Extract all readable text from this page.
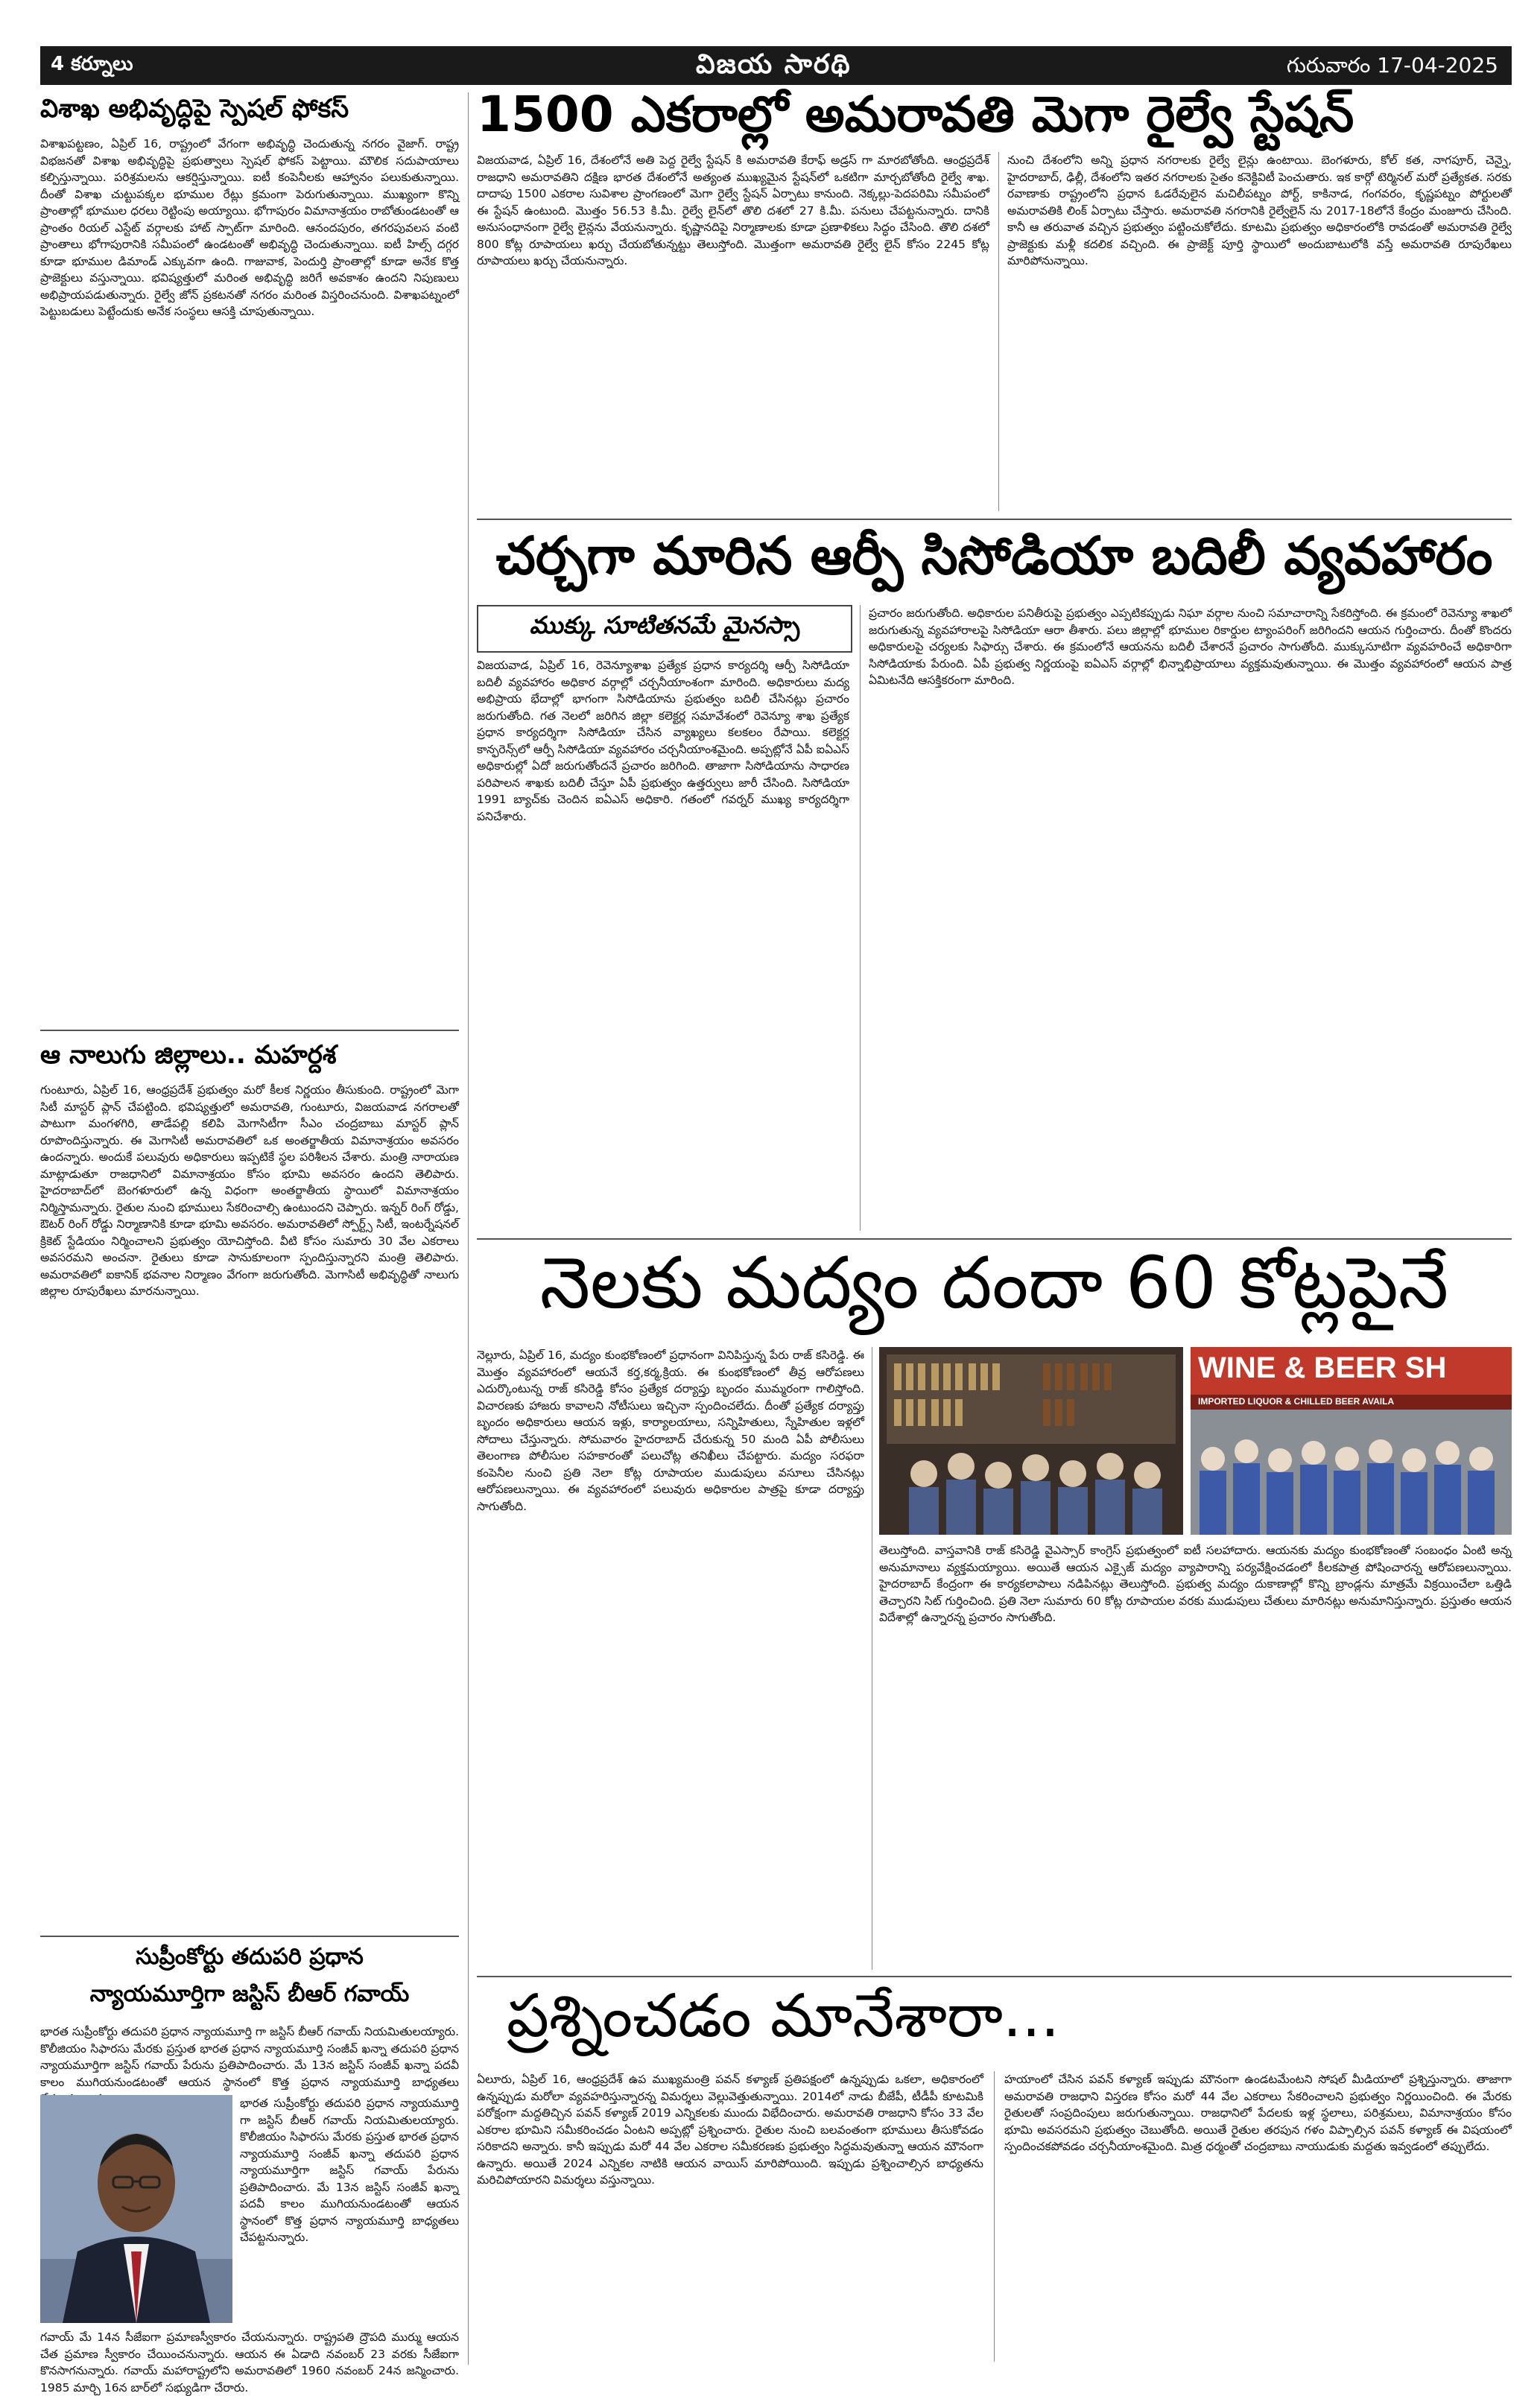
4 కర్నూలు	విజయ సారథి	గురువారం 17-04-2025
విశాఖ అభివృద్ధిపై స్పెషల్ ఫోకస్
విశాఖపట్టణం, ఏప్రిల్ 16, రాష్ట్రంలో వేగంగా అభివృద్ధి చెందుతున్న నగరం వైజాగ్. రాష్ట్ర విభజనతో విశాఖ అభివృద్ధిపై ప్రభుత్వాలు స్పెషల్ ఫోకస్ పెట్టాయి. మౌలిక సదుపాయాలు కల్పిస్తున్నాయి. పరిశ్రమలను ఆకర్షిస్తున్నాయి. ఐటీ కంపెనీలకు ఆహ్వానం పలుకుతున్నాయి. దీంతో విశాఖ చుట్టుపక్కల భూముల రేట్లు క్రమంగా పెరుగుతున్నాయి. ముఖ్యంగా కొన్ని ప్రాంతాల్లో భూముల ధరలు రెట్టింపు అయ్యాయి. భోగాపురం విమానాశ్రయం రాబోతుండటంతో ఆ ప్రాంతం రియల్ ఎస్టేట్ వర్గాలకు హాట్ స్పాట్‌గా మారింది. ఆనందపురం, తగరపువలస వంటి ప్రాంతాలు భోగాపురానికి సమీపంలో ఉండటంతో అభివృద్ధి చెందుతున్నాయి. ఐటీ హిల్స్ దగ్గర కూడా భూముల డిమాండ్ ఎక్కువగా ఉంది. గాజువాక, పెందుర్తి ప్రాంతాల్లో కూడా అనేక కొత్త ప్రాజెక్టులు వస్తున్నాయి. భవిష్యత్తులో మరింత అభివృద్ధి జరిగే అవకాశం ఉందని నిపుణులు అభిప్రాయపడుతున్నారు. రైల్వే జోన్ ప్రకటనతో నగరం మరింత విస్తరించనుంది. విశాఖపట్నంలో పెట్టుబడులు పెట్టేందుకు అనేక సంస్థలు ఆసక్తి చూపుతున్నాయి.
ఆ నాలుగు జిల్లాలు.. మహర్దశ
గుంటూరు, ఏప్రిల్ 16, ఆంధ్రప్రదేశ్ ప్రభుత్వం మరో కీలక నిర్ణయం తీసుకుంది. రాష్ట్రంలో మెగా సిటీ మాస్టర్ ప్లాన్ చేపట్టింది. భవిష్యత్తులో అమరావతి, గుంటూరు, విజయవాడ నగరాలతో పాటుగా మంగళగిరి, తాడేపల్లి కలిపి మెగాసిటీగా సీఎం చంద్రబాబు మాస్టర్ ప్లాన్ రూపొందిస్తున్నారు. ఈ మెగాసిటీ అమరావతిలో ఒక అంతర్జాతీయ విమానాశ్రయం అవసరం ఉందన్నారు. అందుకే పలువురు అధికారులు ఇప్పటికే స్థల పరిశీలన చేశారు. మంత్రి నారాయణ మాట్లాడుతూ రాజధానిలో విమానాశ్రయం కోసం భూమి అవసరం ఉందని తెలిపారు. హైదరాబాద్‌లో బెంగళూరులో ఉన్న విధంగా అంతర్జాతీయ స్థాయిలో విమానాశ్రయం నిర్మిస్తామన్నారు. రైతుల నుంచి భూములు సేకరించాల్సి ఉంటుందని చెప్పారు. ఇన్నర్ రింగ్ రోడ్డు, ఔటర్ రింగ్ రోడ్డు నిర్మాణానికి కూడా భూమి అవసరం. అమరావతిలో స్పోర్ట్స్ సిటీ, ఇంటర్నేషనల్ క్రికెట్ స్టేడియం నిర్మించాలని ప్రభుత్వం యోచిస్తోంది. వీటి కోసం సుమారు 30 వేల ఎకరాలు అవసరమని అంచనా. రైతులు కూడా సానుకూలంగా స్పందిస్తున్నారని మంత్రి తెలిపారు. అమరావతిలో ఐకానిక్ భవనాల నిర్మాణం వేగంగా జరుగుతోంది. మెగాసిటీ అభివృద్ధితో నాలుగు జిల్లాల రూపురేఖలు మారనున్నాయి.
సుప్రీంకోర్టు తదుపరి ప్రధాన
న్యాయమూర్తిగా జస్టిస్ బీఆర్ గవాయ్
భారత సుప్రీంకోర్టు తదుపరి ప్రధాన న్యాయమూర్తి గా జస్టిస్ బీఆర్ గవాయ్ నియమితులయ్యారు. కొలీజియం సిఫారసు మేరకు ప్రస్తుత భారత ప్రధాన న్యాయమూర్తి సంజీవ్ ఖన్నా తదుపరి ప్రధాన న్యాయమూర్తిగా జస్టిస్ గవాయ్ పేరును ప్రతిపాదించారు. మే 13న జస్టిస్ సంజీవ్ ఖన్నా పదవీ కాలం ముగియనుండటంతో ఆయన స్థానంలో కొత్త ప్రధాన న్యాయమూర్తి బాధ్యతలు
భారత సుప్రీంకోర్టు తదుపరి ప్రధాన న్యాయమూర్తి గా జస్టిస్ బీఆర్ గవాయ్ నియమితులయ్యారు. కొలీజియం సిఫారసు మేరకు ప్రస్తుత భారత ప్రధాన న్యాయమూర్తి సంజీవ్ ఖన్నా తదుపరి ప్రధాన న్యాయమూర్తిగా జస్టిస్ గవాయ్ పేరును ప్రతిపాదించారు. మే 13న జస్టిస్ సంజీవ్ ఖన్నా పదవీ కాలం ముగియనుండటంతో ఆయన స్థానంలో కొత్త ప్రధాన న్యాయమూర్తి బాధ్యతలు చేపట్టనున్నారు.
గవాయ్ మే 14న సీజేఐగా ప్రమాణస్వీకారం చేయనున్నారు. రాష్ట్రపతి ద్రౌపది ముర్ము ఆయన చేత ప్రమాణ స్వీకారం చేయించనున్నారు. ఆయన ఈ ఏడాది నవంబర్ 23 వరకు సీజేఐగా కొనసాగనున్నారు. గవాయ్ మహారాష్ట్రలోని అమరావతిలో 1960 నవంబర్ 24న జన్మించారు. 1985 మార్చి 16న బార్‌లో సభ్యుడిగా చేరారు.
1500 ఎకరాల్లో అమరావతి మెగా రైల్వే స్టేషన్
విజయవాడ, ఏప్రిల్ 16, దేశంలోనే అతి పెద్ద రైల్వే స్టేషన్ కి అమరావతి కేరాఫ్ అడ్రస్ గా మారబోతోంది. ఆంధ్రప్రదేశ్ రాజధాని అమరావతిని దక్షిణ భారత దేశంలోనే అత్యంత ముఖ్యమైన స్టేషన్‌లో ఒకటిగా మార్చబోతోంది రైల్వే శాఖ. దాదాపు 1500 ఎకరాల సువిశాల ప్రాంగణంలో మెగా రైల్వే స్టేషన్ ఏర్పాటు కానుంది. నెక్కల్లు-పెదపరిమి సమీపంలో ఈ స్టేషన్ ఉంటుంది. మొత్తం 56.53 కి.మీ. రైల్వే లైన్‌లో తొలి దశలో 27 కి.మీ. పనులు చేపట్టనున్నారు. దానికి అనుసంధానంగా రైల్వే లైన్లను వేయనున్నారు. కృష్ణానదిపై నిర్మాణాలకు కూడా ప్రణాళికలు సిద్ధం చేసింది. తొలి దశలో 800 కోట్ల రూపాయలు ఖర్చు చేయబోతున్నట్టు తెలుస్తోంది. మొత్తంగా అమరావతి రైల్వే లైన్ కోసం 2245 కోట్ల రూపాయలు ఖర్చు చేయనున్నారు.
నుంచి దేశంలోని అన్ని ప్రధాన నగరాలకు రైల్వే లైన్లు ఉంటాయి. బెంగళూరు, కోల్ కత, నాగపూర్, చెన్నై, హైదరాబాద్, ఢిల్లీ, దేశంలోని ఇతర నగరాలకు సైతం కనెక్టివిటీ పెంచుతారు. ఇక కార్గో టెర్మినల్ మరో ప్రత్యేకత. సరకు రవాణాకు రాష్ట్రంలోని ప్రధాన ఓడరేవులైన మచిలీపట్నం పోర్ట్, కాకినాడ, గంగవరం, కృష్ణపట్నం పోర్టులతో అమరావతికి లింక్ ఏర్పాటు చేస్తారు. అమరావతి నగరానికి రైల్వేలైన్ ను 2017-18లోనే కేంద్రం మంజూరు చేసింది. కానీ ఆ తరువాత వచ్చిన ప్రభుత్వం పట్టించుకోలేదు. కూటమి ప్రభుత్వం అధికారంలోకి రావడంతో అమరావతి రైల్వే ప్రాజెక్టుకు మళ్లీ కదలిక వచ్చింది. ఈ ప్రాజెక్ట్ పూర్తి స్థాయిలో అందుబాటులోకి వస్తే అమరావతి రూపురేఖలు మారిపోనున్నాయి.
చర్చగా మారిన ఆర్పీ సిసోడియా బదిలీ వ్యవహారం
ముక్కు సూటితనమే మైనస్సా
విజయవాడ, ఏప్రిల్ 16, రెవెన్యూశాఖ ప్రత్యేక ప్రధాన కార్యదర్శి ఆర్పీ సిసోడియా బదిలీ వ్యవహారం అధికార వర్గాల్లో చర్చనీయాంశంగా మారింది. అధికారులు మద్య అభిప్రాయ భేదాల్లో భాగంగా సిసోడియాను ప్రభుత్వం బదిలీ చేసినట్లు ప్రచారం జరుగుతోంది. గత నెలలో జరిగిన జిల్లా కలెక్టర్ల సమావేశంలో రెవెన్యూ శాఖ ప్రత్యేక ప్రధాన కార్యదర్శిగా సిసోడియా చేసిన వ్యాఖ్యలు కలకలం రేపాయి. కలెక్టర్ల కాన్ఫరెన్స్‌లో ఆర్పీ సిసోడియా వ్యవహారం చర్చనీయాంశమైంది. అప్పట్లోనే ఏపీ ఐఏఎస్ అధికారుల్లో ఏదో జరుగుతోందనే ప్రచారం జరిగింది. తాజాగా సిసోడియాను సాధారణ పరిపాలన శాఖకు బదిలీ చేస్తూ ఏపీ ప్రభుత్వం ఉత్తర్వులు జారీ చేసింది. సిసోడియా 1991 బ్యాచ్‌కు చెందిన ఐఏఎస్ అధికారి. గతంలో గవర్నర్ ముఖ్య కార్యదర్శిగా పనిచేశారు.
ప్రచారం జరుగుతోంది. అధికారుల పనితీరుపై ప్రభుత్వం ఎప్పటికప్పుడు నిఘా వర్గాల నుంచి సమాచారాన్ని సేకరిస్తోంది. ఈ క్రమంలో రెవెన్యూ శాఖలో జరుగుతున్న వ్యవహారాలపై సిసోడియా ఆరా తీశారు. పలు జిల్లాల్లో భూముల రికార్డుల ట్యాంపరింగ్ జరిగిందని ఆయన గుర్తించారు. దీంతో కొందరు అధికారులపై చర్యలకు సిఫార్సు చేశారు. ఈ క్రమంలోనే ఆయనను బదిలీ చేశారనే ప్రచారం సాగుతోంది. ముక్కుసూటిగా వ్యవహరించే అధికారిగా సిసోడియాకు పేరుంది. ఏపీ ప్రభుత్వ నిర్ణయంపై ఐఏఎస్ వర్గాల్లో భిన్నాభిప్రాయాలు వ్యక్తమవుతున్నాయి. ఈ మొత్తం వ్యవహారంలో ఆయన పాత్ర ఏమిటనేది ఆసక్తికరంగా మారింది.
నెలకు మద్యం దందా 60 కోట్లపైనే
నెల్లూరు, ఏప్రిల్ 16, మద్యం కుంభకోణంలో ప్రధానంగా వినిపిస్తున్న పేరు రాజ్ కసిరెడ్డి. ఈ మొత్తం వ్యవహారంలో ఆయనే కర్త,కర్మ,క్రియ. ఈ కుంభకోణంలో తీవ్ర ఆరోపణలు ఎదుర్కొంటున్న రాజ్ కసిరెడ్డి కోసం ప్రత్యేక దర్యాప్తు బృందం ముమ్మరంగా గాలిస్తోంది. విచారణకు హాజరు కావాలని నోటీసులు ఇచ్చినా స్పందించలేదు. దీంతో ప్రత్యేక దర్యాప్తు బృందం అధికారులు ఆయన ఇళ్లు, కార్యాలయాలు, సన్నిహితులు, స్నేహితుల ఇళ్లలో సోదాలు చేస్తున్నారు. సోమవారం హైదరాబాద్ చేరుకున్న 50 మంది ఏపీ పోలీసులు తెలంగాణ పోలీసుల సహకారంతో పలుచోట్ల తనిఖీలు చేపట్టారు. మద్యం సరఫరా కంపెనీల నుంచి ప్రతి నెలా కోట్ల రూపాయల ముడుపులు వసూలు చేసినట్లు ఆరోపణలున్నాయి. ఈ వ్యవహారంలో పలువురు అధికారుల పాత్రపై కూడా దర్యాప్తు సాగుతోంది.
WINE & BEER SH
IMPORTED LIQUOR & CHILLED BEER AVAILA
తెలుస్తోంది. వాస్తవానికి రాజ్ కసిరెడ్డి వైఎస్సార్ కాంగ్రెస్ ప్రభుత్వంలో ఐటీ సలహాదారు. ఆయనకు మద్యం కుంభకోణంతో సంబంధం ఏంటి అన్న అనుమానాలు వ్యక్తమయ్యాయి. అయితే ఆయన ఎక్సైజ్ మద్యం వ్యాపారాన్ని పర్యవేక్షించడంలో కీలకపాత్ర పోషించారన్న ఆరోపణలున్నాయి. హైదరాబాద్ కేంద్రంగా ఈ కార్యకలాపాలు నడిపినట్లు తెలుస్తోంది. ప్రభుత్వ మద్యం దుకాణాల్లో కొన్ని బ్రాండ్లను మాత్రమే విక్రయించేలా ఒత్తిడి తెచ్చారని సిట్ గుర్తించింది. ప్రతి నెలా సుమారు 60 కోట్ల రూపాయల వరకు ముడుపులు చేతులు మారినట్లు అనుమానిస్తున్నారు. ప్రస్తుతం ఆయన విదేశాల్లో ఉన్నారన్న ప్రచారం సాగుతోంది.
ప్రశ్నించడం మానేశారా...
ఏలూరు, ఏప్రిల్ 16, ఆంధ్రప్రదేశ్ ఉప ముఖ్యమంత్రి పవన్ కళ్యాణ్ ప్రతిపక్షంలో ఉన్నప్పుడు ఒకలా, అధికారంలో ఉన్నప్పుడు మరోలా వ్యవహరిస్తున్నారన్న విమర్శలు వెల్లువెత్తుతున్నాయి. 2014లో నాడు బీజేపీ, టీడీపీ కూటమికి పరోక్షంగా మద్దతిచ్చిన పవన్ కళ్యాణ్ 2019 ఎన్నికలకు ముందు విభేదించారు. అమరావతి రాజధాని కోసం 33 వేల ఎకరాల భూమిని సమీకరించడం ఏంటని అప్పట్లో ప్రశ్నించారు. రైతుల నుంచి బలవంతంగా భూములు తీసుకోవడం సరికాదని అన్నారు. కానీ ఇప్పుడు మరో 44 వేల ఎకరాల సమీకరణకు ప్రభుత్వం సిద్ధమవుతున్నా ఆయన మౌనంగా ఉన్నారు. అయితే 2024 ఎన్నికల నాటికి ఆయన వాయిస్ మారిపోయింది. ఇప్పుడు ప్రశ్నించాల్సిన బాధ్యతను మరిచిపోయారని విమర్శలు వస్తున్నాయి.
హయాంలో చేసిన పవన్ కళ్యాణ్ ఇప్పుడు మౌనంగా ఉండటమేంటని సోషల్ మీడియాలో ప్రశ్నిస్తున్నారు. తాజాగా అమరావతి రాజధాని విస్తరణ కోసం మరో 44 వేల ఎకరాలు సేకరించాలని ప్రభుత్వం నిర్ణయించింది. ఈ మేరకు రైతులతో సంప్రదింపులు జరుగుతున్నాయి. రాజధానిలో పేదలకు ఇళ్ల స్థలాలు, పరిశ్రమలు, విమానాశ్రయం కోసం భూమి అవసరమని ప్రభుత్వం చెబుతోంది. అయితే రైతుల తరపున గళం విప్పాల్సిన పవన్ కళ్యాణ్ ఈ విషయంలో స్పందించకపోవడం చర్చనీయాంశమైంది. మిత్ర ధర్మంతో చంద్రబాబు నాయుడుకు మద్దతు ఇవ్వడంలో తప్పులేదు.
